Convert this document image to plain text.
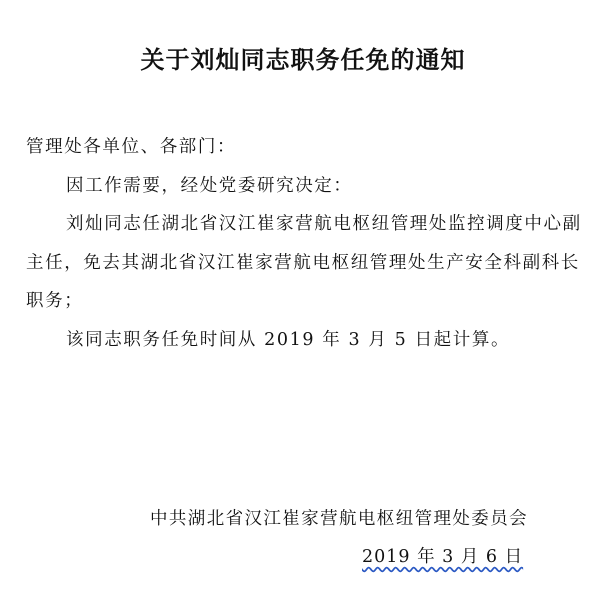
关于刘灿同志职务任免的通知

管理处各单位、各部门：

因工作需要，经处党委研究决定：

刘灿同志任湖北省汉江崔家营航电枢纽管理处监控调度中心副主任，免去其湖北省汉江崔家营航电枢纽管理处生产安全科副科长职务；

该同志职务任免时间从 2019 年 3 月 5 日起计算。

中共湖北省汉江崔家营航电枢纽管理处委员会
2019 年 3 月 6 日
